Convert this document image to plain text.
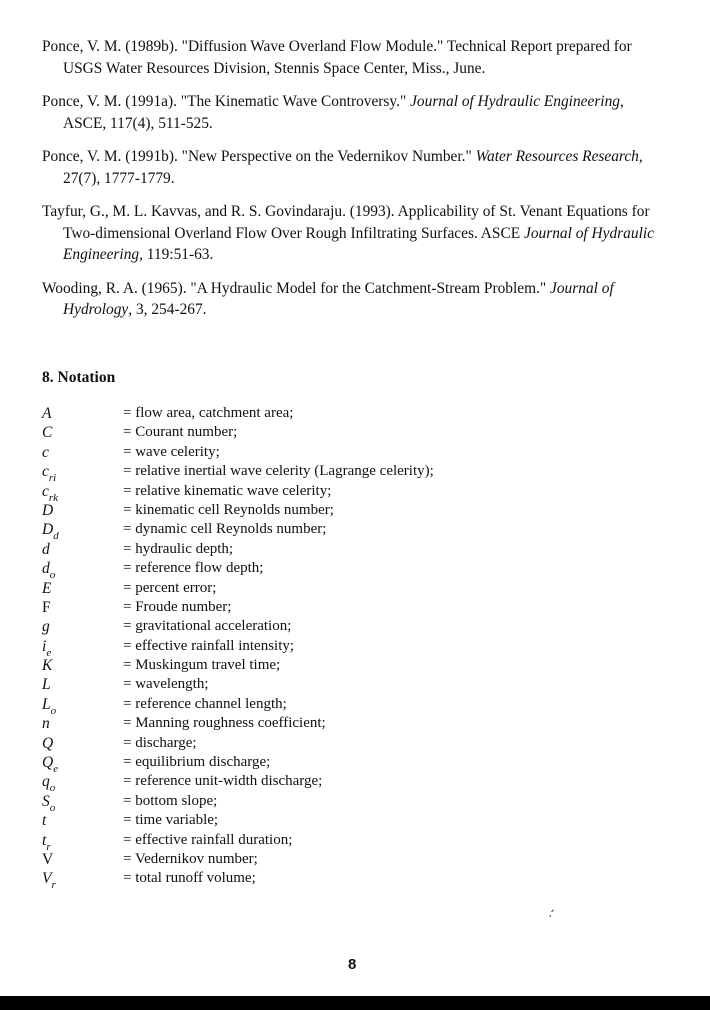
Ponce, V. M. (1989b). "Diffusion Wave Overland Flow Module." Technical Report prepared for USGS Water Resources Division, Stennis Space Center, Miss., June.
Ponce, V. M. (1991a). "The Kinematic Wave Controversy." Journal of Hydraulic Engineering, ASCE, 117(4), 511-525.
Ponce, V. M. (1991b). "New Perspective on the Vedernikov Number." Water Resources Research, 27(7), 1777-1779.
Tayfur, G., M. L. Kavvas, and R. S. Govindaraju. (1993). Applicability of St. Venant Equations for Two-dimensional Overland Flow Over Rough Infiltrating Surfaces. ASCE Journal of Hydraulic Engineering, 119:51-63.
Wooding, R. A. (1965). "A Hydraulic Model for the Catchment-Stream Problem." Journal of Hydrology, 3, 254-267.
8. Notation
A	= flow area, catchment area;
C	= Courant number;
c	= wave celerity;
$c_{ri}$	= relative inertial wave celerity (Lagrange celerity);
$c_{rk}$	= relative kinematic wave celerity;
D	= kinematic cell Reynolds number;
$D_d$	= dynamic cell Reynolds number;
d	= hydraulic depth;
$d_o$	= reference flow depth;
E	= percent error;
F	= Froude number;
g	= gravitational acceleration;
$i_e$	= effective rainfall intensity;
K	= Muskingum travel time;
L	= wavelength;
$L_o$	= reference channel length;
n	= Manning roughness coefficient;
Q	= discharge;
$Q_e$	= equilibrium discharge;
$q_o$	= reference unit-width discharge;
$S_o$	= bottom slope;
t	= time variable;
$t_r$	= effective rainfall duration;
V	= Vedernikov number;
$V_r$	= total runoff volume;
⸵
8
